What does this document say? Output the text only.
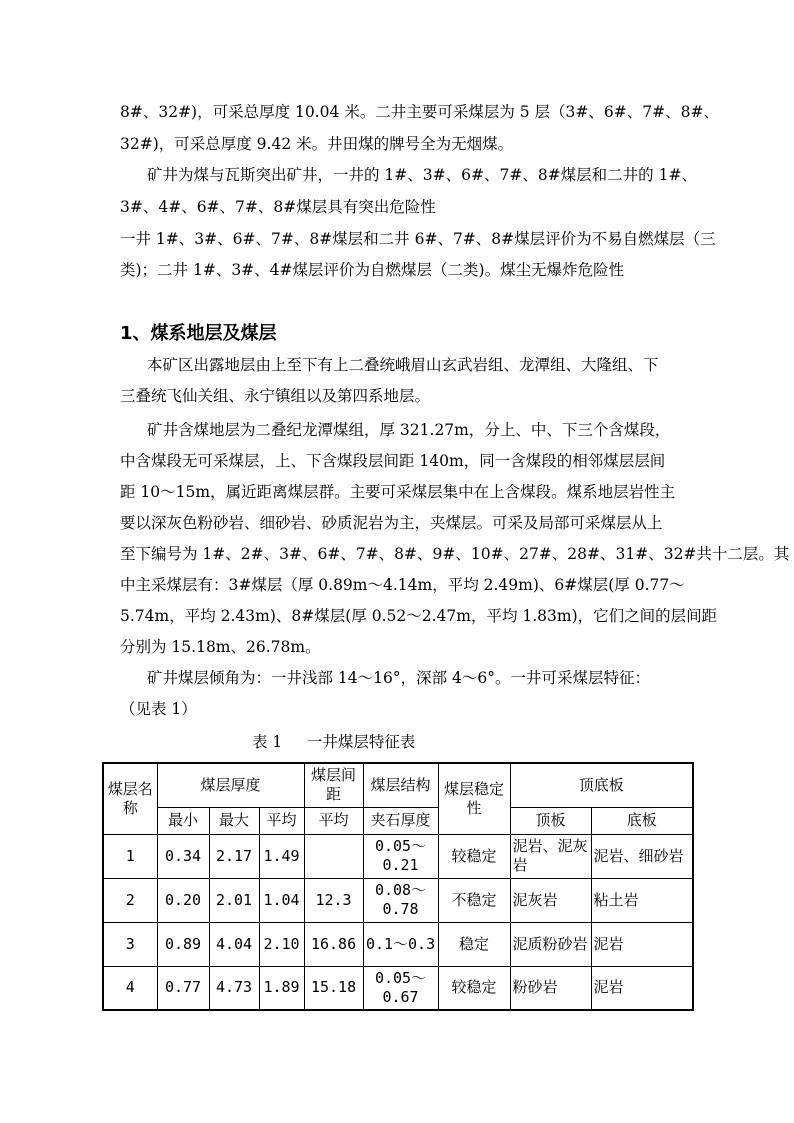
8#、32#)，可采总厚度 10.04 米。二井主要可采煤层为 5 层（3#、6#、7#、8#、
32#)，可采总厚度 9.42 米。井田煤的牌号全为无烟煤。
矿井为煤与瓦斯突出矿井，一井的 1#、3#、6#、7#、8#煤层和二井的 1#、
3#、4#、6#、7#、8#煤层具有突出危险性
一井 1#、3#、6#、7#、8#煤层和二井 6#、7#、8#煤层评价为不易自燃煤层（三
类)；二井 1#、3#、4#煤层评价为自燃煤层（二类)。煤尘无爆炸危险性
1、煤系地层及煤层
本矿区出露地层由上至下有上二叠统峨眉山玄武岩组、龙潭组、大隆组、下
三叠统飞仙关组、永宁镇组以及第四系地层。
矿井含煤地层为二叠纪龙潭煤组，厚 321.27m，分上、中、下三个含煤段，
中含煤段无可采煤层，上、下含煤段层间距 140m，同一含煤段的相邻煤层层间
距 10～15m，属近距离煤层群。主要可采煤层集中在上含煤段。煤系地层岩性主
要以深灰色粉砂岩、细砂岩、砂质泥岩为主，夹煤层。可采及局部可采煤层从上
至下编号为 1#、2#、3#、6#、7#、8#、9#、10#、27#、28#、31#、32#共十二层。其
中主采煤层有：3#煤层（厚 0.89m～4.14m，平均 2.49m)、6#煤层(厚 0.77～
5.74m，平均 2.43m)、8#煤层(厚 0.52～2.47m，平均 1.83m)，它们之间的层间距
分别为 15.18m、26.78m。
矿井煤层倾角为：一井浅部 14～16°，深部 4～6°。一井可采煤层特征：
（见表 1）
表 1     一井煤层特征表
煤层名称	煤层厚度			煤层间距	煤层结构	煤层稳定性	顶底板	
	最小	最大	平均	平均	夹石厚度		顶板	底板
1	0.34	2.17	1.49		0.05～0.21	较稳定	泥岩、泥灰岩	泥岩、细砂岩
2	0.20	2.01	1.04	12.3	0.08～0.78	不稳定	泥灰岩	粘土岩
3	0.89	4.04	2.10	16.86	0.1～0.3	稳定	泥质粉砂岩	泥岩
4	0.77	4.73	1.89	15.18	0.05～0.67	较稳定	粉砂岩	泥岩
